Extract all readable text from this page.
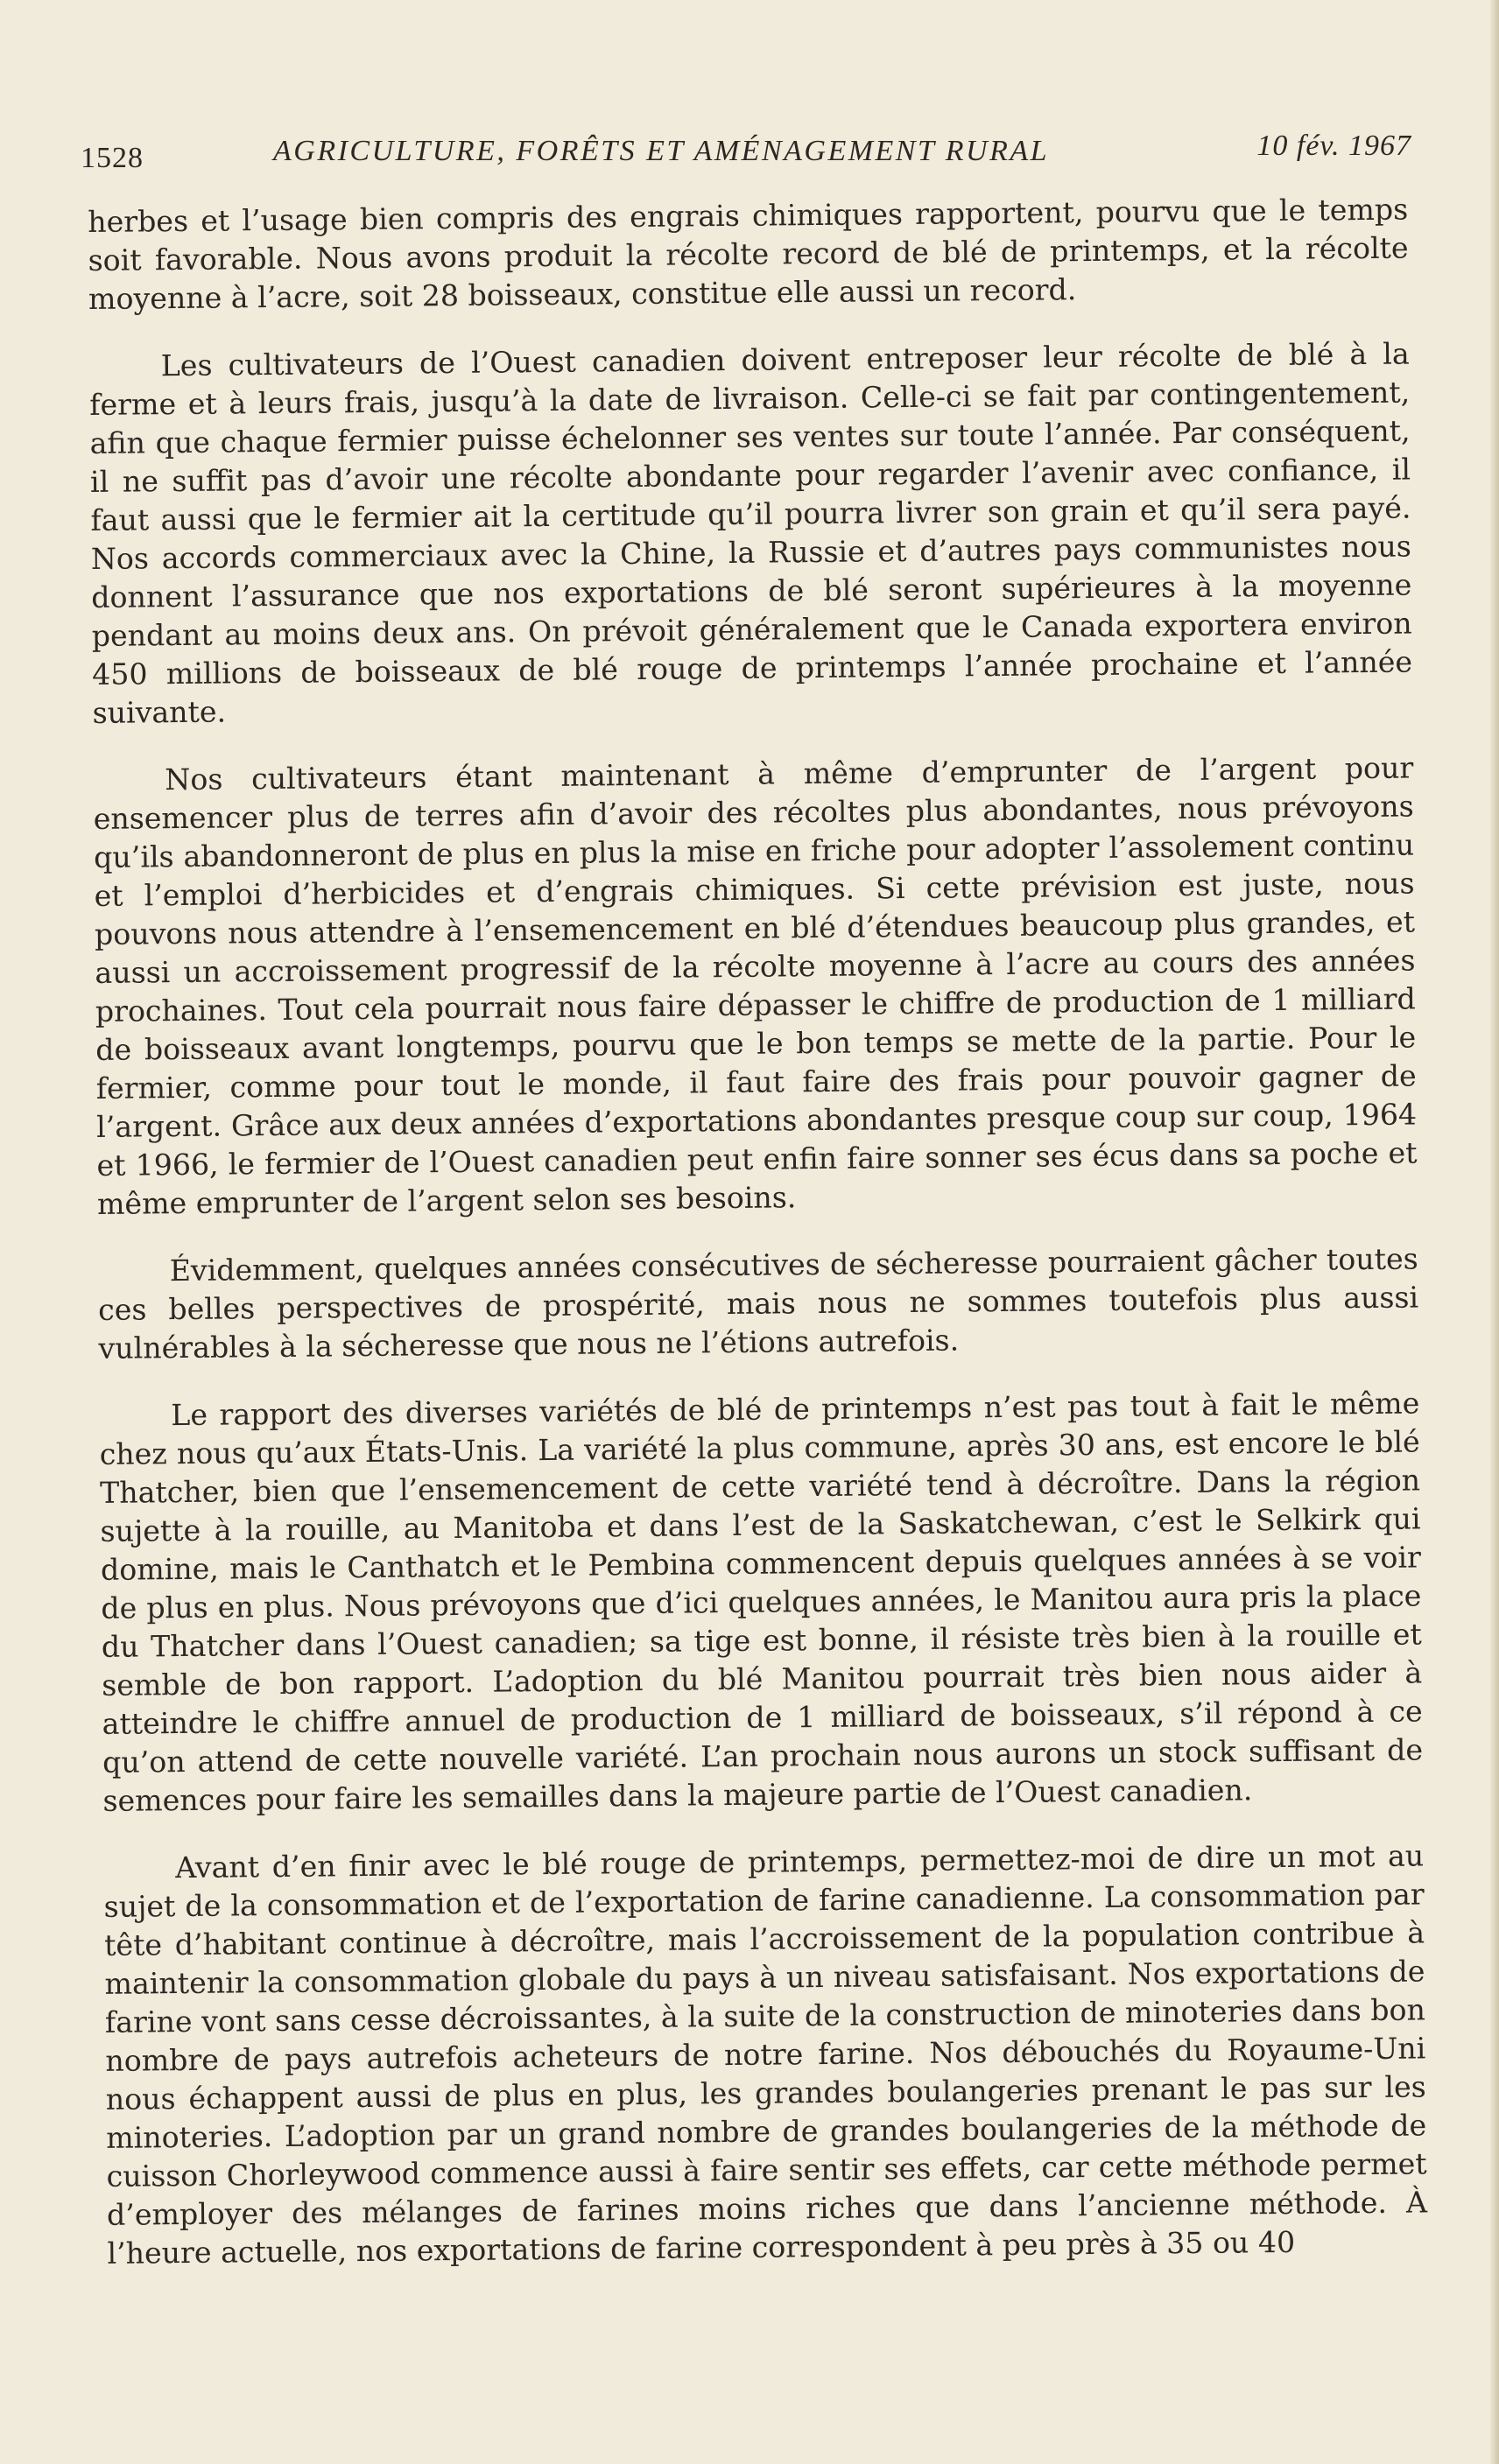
1528	AGRICULTURE, FORÊTS ET AMÉNAGEMENT RURAL	10 fév. 1967

herbes et l’usage bien compris des engrais chimiques rapportent, pourvu que le temps soit favorable. Nous avons produit la récolte record de blé de printemps, et la récolte moyenne à l’acre, soit 28 boisseaux, constitue elle aussi un record.

Les cultivateurs de l’Ouest canadien doivent entreposer leur récolte de blé à la ferme et à leurs frais, jusqu’à la date de livraison. Celle-ci se fait par contingentement, afin que chaque fermier puisse échelonner ses ventes sur toute l’année. Par conséquent, il ne suffit pas d’avoir une récolte abondante pour regarder l’avenir avec confiance, il faut aussi que le fermier ait la certitude qu’il pourra livrer son grain et qu’il sera payé. Nos accords commerciaux avec la Chine, la Russie et d’autres pays communistes nous donnent l’assurance que nos exportations de blé seront supérieures à la moyenne pendant au moins deux ans. On prévoit généralement que le Canada exportera environ 450 millions de boisseaux de blé rouge de printemps l’année prochaine et l’année suivante.

Nos cultivateurs étant maintenant à même d’emprunter de l’argent pour ensemencer plus de terres afin d’avoir des récoltes plus abondantes, nous prévoyons qu’ils abandonneront de plus en plus la mise en friche pour adopter l’assolement continu et l’emploi d’herbicides et d’engrais chimiques. Si cette prévision est juste, nous pouvons nous attendre à l’ensemencement en blé d’étendues beaucoup plus grandes, et aussi un accroissement progressif de la récolte moyenne à l’acre au cours des années prochaines. Tout cela pourrait nous faire dépasser le chiffre de production de 1 milliard de boisseaux avant longtemps, pourvu que le bon temps se mette de la partie. Pour le fermier, comme pour tout le monde, il faut faire des frais pour pouvoir gagner de l’argent. Grâce aux deux années d’exportations abondantes presque coup sur coup, 1964 et 1966, le fermier de l’Ouest canadien peut enfin faire sonner ses écus dans sa poche et même emprunter de l’argent selon ses besoins.

Évidemment, quelques années consécutives de sécheresse pourraient gâcher toutes ces belles perspectives de prospérité, mais nous ne sommes toutefois plus aussi vulnérables à la sécheresse que nous ne l’étions autrefois.

Le rapport des diverses variétés de blé de printemps n’est pas tout à fait le même chez nous qu’aux États-Unis. La variété la plus commune, après 30 ans, est encore le blé Thatcher, bien que l’ensemencement de cette variété tend à décroître. Dans la région sujette à la rouille, au Manitoba et dans l’est de la Saskatchewan, c’est le Selkirk qui domine, mais le Canthatch et le Pembina commencent depuis quelques années à se voir de plus en plus. Nous prévoyons que d’ici quelques années, le Manitou aura pris la place du Thatcher dans l’Ouest canadien; sa tige est bonne, il résiste très bien à la rouille et semble de bon rapport. L’adoption du blé Manitou pourrait très bien nous aider à atteindre le chiffre annuel de production de 1 milliard de boisseaux, s’il répond à ce qu’on attend de cette nouvelle variété. L’an prochain nous aurons un stock suffisant de semences pour faire les semailles dans la majeure partie de l’Ouest canadien.

Avant d’en finir avec le blé rouge de printemps, permettez-moi de dire un mot au sujet de la consommation et de l’exportation de farine canadienne. La consommation par tête d’habitant continue à décroître, mais l’accroissement de la population contribue à maintenir la consommation globale du pays à un niveau satisfaisant. Nos exportations de farine vont sans cesse décroissantes, à la suite de la construction de minoteries dans bon nombre de pays autrefois acheteurs de notre farine. Nos débouchés du Royaume-Uni nous échappent aussi de plus en plus, les grandes boulangeries prenant le pas sur les minoteries. L’adoption par un grand nombre de grandes boulangeries de la méthode de cuisson Chorleywood commence aussi à faire sentir ses effets, car cette méthode permet d’employer des mélanges de farines moins riches que dans l’ancienne méthode. À l’heure actuelle, nos exportations de farine correspondent à peu près à 35 ou 40
